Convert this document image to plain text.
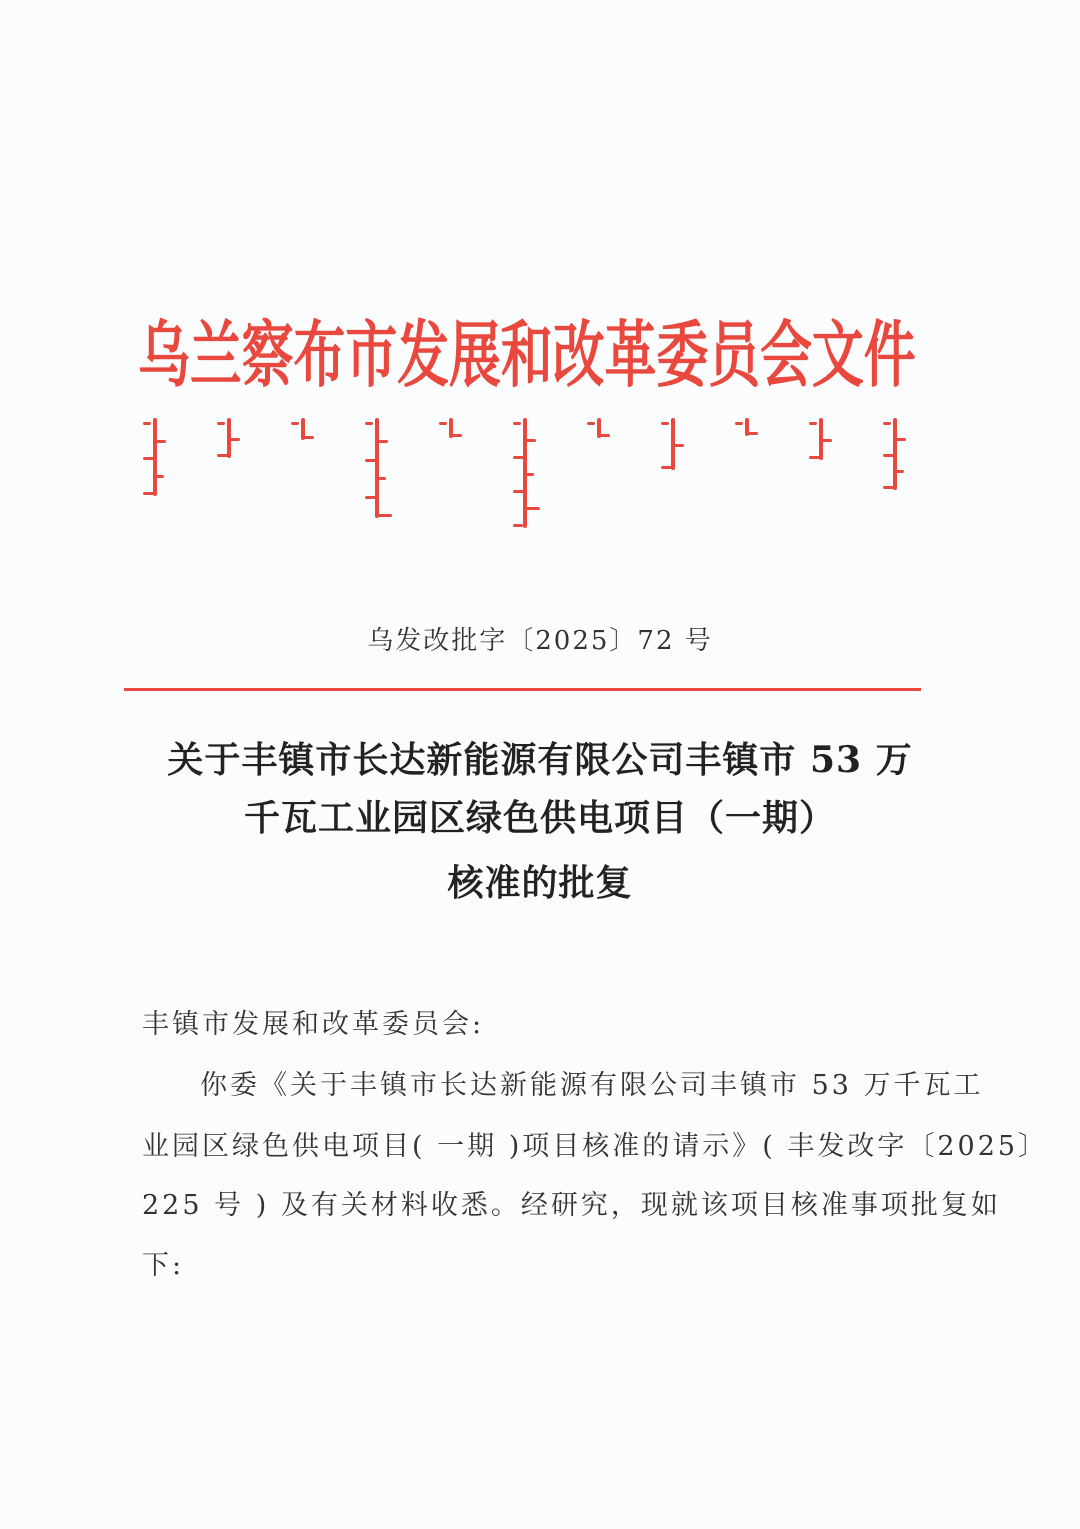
乌兰察布市发展和改革委员会文件
乌发改批字〔2025〕72 号
关于丰镇市长达新能源有限公司丰镇市 53 万
千瓦工业园区绿色供电项目（一期）
核准的批复
丰镇市发展和改革委员会:
你委《关于丰镇市长达新能源有限公司丰镇市 53 万千瓦工
业园区绿色供电项目( 一期 )项目核准的请示》( 丰发改字〔2025〕
225 号 ) 及有关材料收悉。经研究，现就该项目核准事项批复如
下:
